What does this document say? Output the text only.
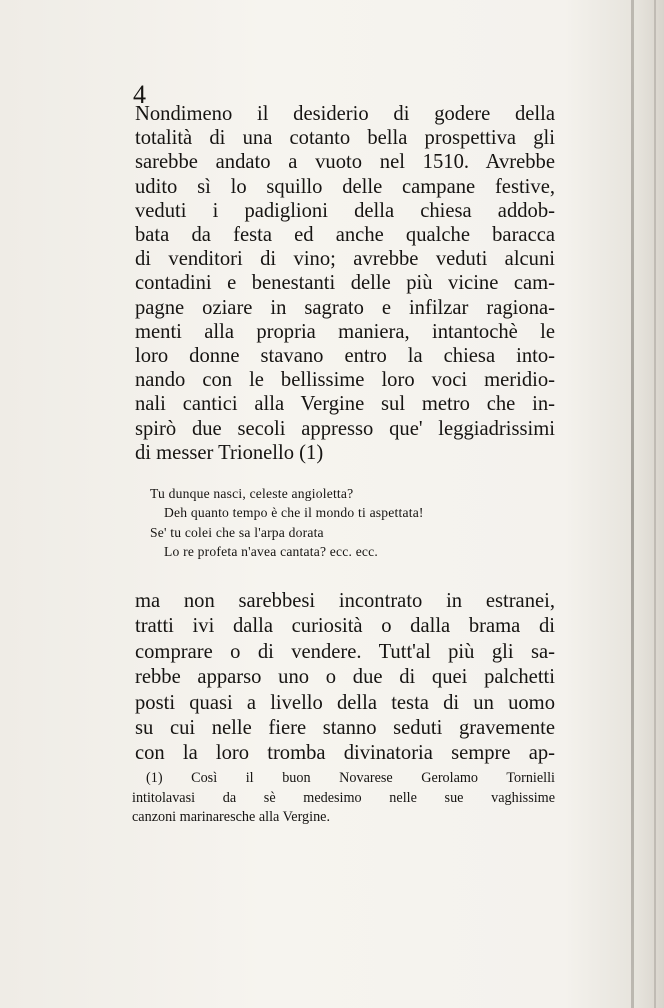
4
Nondimeno il desiderio di godere della
totalità di una cotanto bella prospettiva gli
sarebbe andato a vuoto nel 1510. Avrebbe
udito sì lo squillo delle campane festive,
veduti i padiglioni della chiesa addob-
bata da festa ed anche qualche baracca
di venditori di vino; avrebbe veduti alcuni
contadini e benestanti delle più vicine cam-
pagne oziare in sagrato e infilzar ragiona-
menti alla propria maniera, intantochè le
loro donne stavano entro la chiesa into-
nando con le bellissime loro voci meridio-
nali cantici alla Vergine sul metro che in-
spirò due secoli appresso que' leggiadrissimi
di messer Trionello (1)
Tu dunque nasci, celeste angioletta?
Deh quanto tempo è che il mondo ti aspettata!
Se' tu colei che sa l'arpa dorata
Lo re profeta n'avea cantata? ecc. ecc.
ma non sarebbesi incontrato in estranei,
tratti ivi dalla curiosità o dalla brama di
comprare o di vendere. Tutt'al più gli sa-
rebbe apparso uno o due di quei palchetti
posti quasi a livello della testa di un uomo
su cui nelle fiere stanno seduti gravemente
con la loro tromba divinatoria sempre ap-
(1) Così il buon Novarese Gerolamo Tornielli
intitolavasi da sè medesimo nelle sue vaghissime
canzoni marinaresche alla Vergine.
